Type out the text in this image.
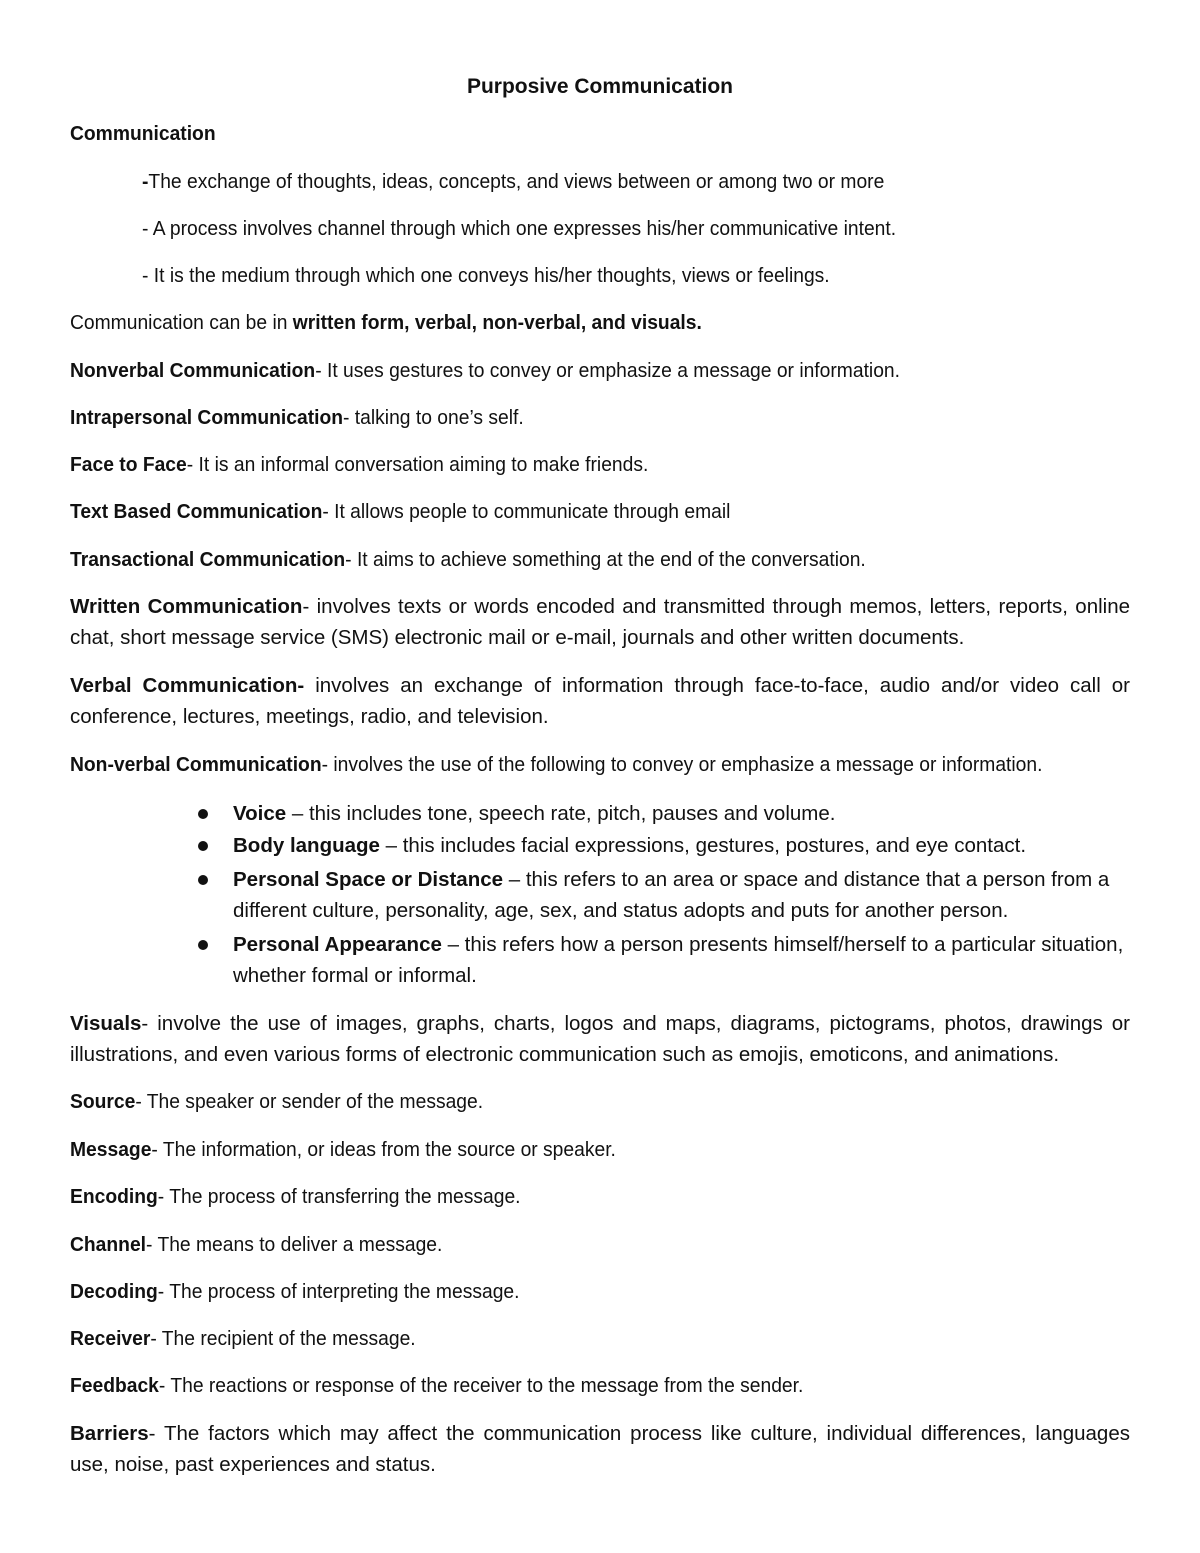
Purposive Communication
Communication
-The exchange of thoughts, ideas, concepts, and views between or among two or more
- A process involves channel through which one expresses his/her communicative intent.
- It is the medium through which one conveys his/her thoughts, views or feelings.
Communication can be in written form, verbal, non-verbal, and visuals.
Nonverbal Communication- It uses gestures to convey or emphasize a message or information.
Intrapersonal Communication- talking to one’s self.
Face to Face- It is an informal conversation aiming to make friends.
Text Based Communication- It allows people to communicate through email
Transactional Communication- It aims to achieve something at the end of the conversation.
Written Communication- involves texts or words encoded and transmitted through memos, letters, reports, online chat, short message service (SMS) electronic mail or e-mail, journals and other written documents.
Verbal Communication- involves an exchange of information through face-to-face, audio and/or video call or conference, lectures, meetings, radio, and television.
Non-verbal Communication- involves the use of the following to convey or emphasize a message or information.
Voice – this includes tone, speech rate, pitch, pauses and volume.
Body language – this includes facial expressions, gestures, postures, and eye contact.
Personal Space or Distance – this refers to an area or space and distance that a person from a different culture, personality, age, sex, and status adopts and puts for another person.
Personal Appearance – this refers how a person presents himself/herself to a particular situation, whether formal or informal.
Visuals- involve the use of images, graphs, charts, logos and maps, diagrams, pictograms, photos, drawings or illustrations, and even various forms of electronic communication such as emojis, emoticons, and animations.
Source- The speaker or sender of the message.
Message- The information, or ideas from the source or speaker.
Encoding- The process of transferring the message.
Channel- The means to deliver a message.
Decoding- The process of interpreting the message.
Receiver- The recipient of the message.
Feedback- The reactions or response of the receiver to the message from the sender.
Barriers- The factors which may affect the communication process like culture, individual differences, languages use, noise, past experiences and status.
